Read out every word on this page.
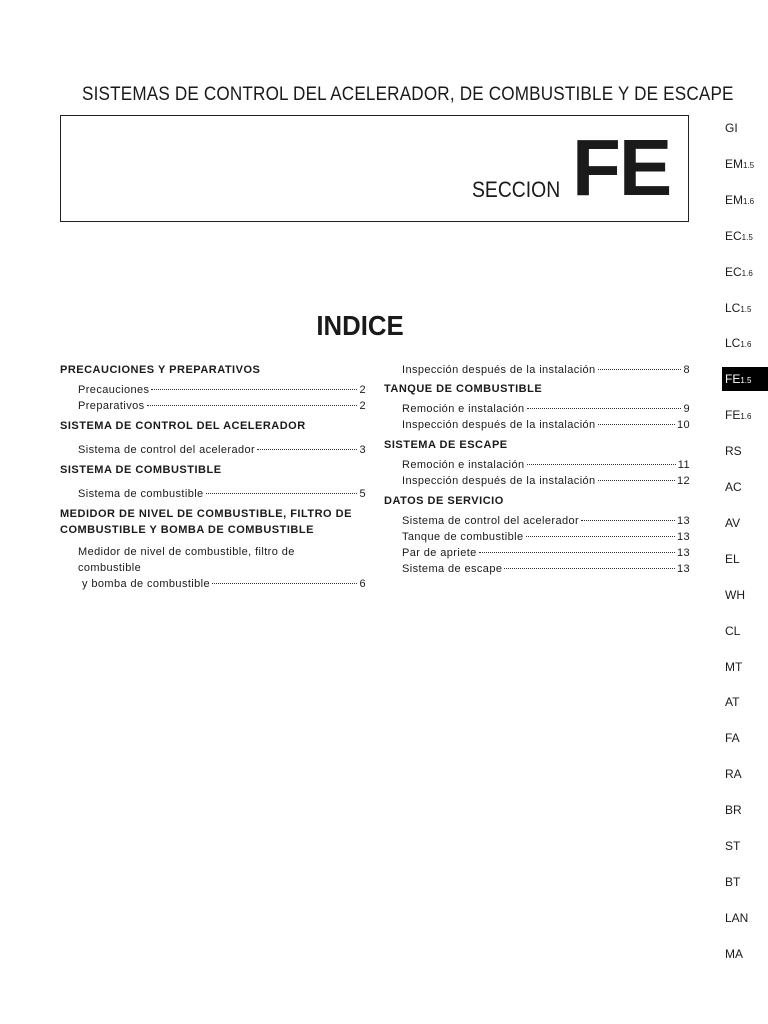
SISTEMAS DE CONTROL DEL ACELERADOR, DE COMBUSTIBLE Y DE ESCAPE
SECCION FE
INDICE
PRECAUCIONES Y PREPARATIVOS
Precauciones	2
Preparativos	2
SISTEMA DE CONTROL DEL ACELERADOR
Sistema de control del acelerador	3
SISTEMA DE COMBUSTIBLE
Sistema de combustible	5
MEDIDOR DE NIVEL DE COMBUSTIBLE, FILTRO DE
COMBUSTIBLE Y BOMBA DE COMBUSTIBLE
Medidor de nivel de combustible, filtro de
combustible
y bomba de combustible	6
Inspección después de la instalación	8
TANQUE DE COMBUSTIBLE
Remoción e instalación	9
Inspección después de la instalación	10
SISTEMA DE ESCAPE
Remoción e instalación	11
Inspección después de la instalación	12
DATOS DE SERVICIO
Sistema de control del acelerador	13
Tanque de combustible	13
Par de apriete	13
Sistema de escape	13
GI
EM1.5
EM1.6
EC1.5
EC1.6
LC1.5
LC1.6
FE1.5
FE1.6
RS
AC
AV
EL
WH
CL
MT
AT
FA
RA
BR
ST
BT
LAN
MA
